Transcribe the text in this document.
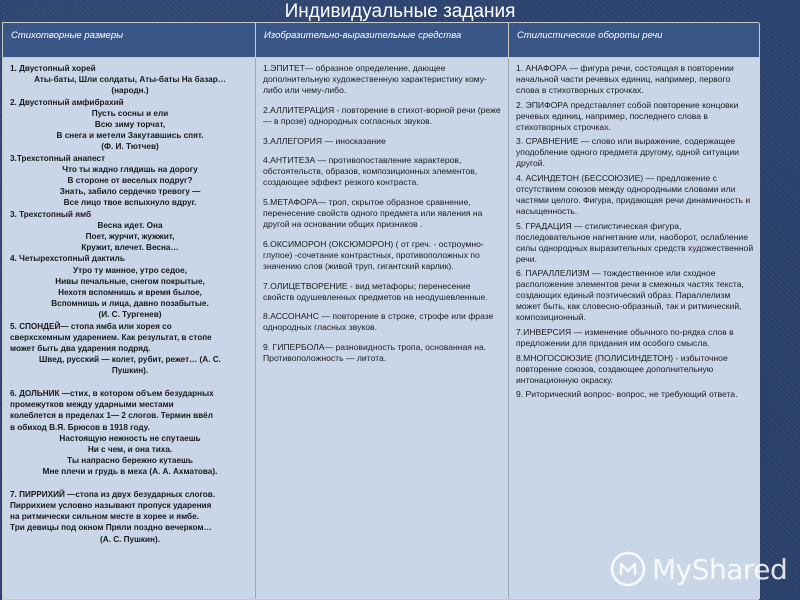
Индивидуальные задания
Стихотворные размеры	Изобразительно-выразительные средства	Стилистические обороты речи
1. Двустопный хорей
Аты-баты, Шли солдаты, Аты-баты На базар…
(народн.)
2. Двустопный амфибрахий
Пусть сосны и ели
Всю зиму торчат,
В снега и метели Закутавшись спят.
(Ф. И. Тютчев)
3.Трехстопный анапест
Что ты жадно глядишь на дорогу
В стороне от веселых подруг?
Знать, забило сердечко тревогу —
Все лицо твое вспыхнуло вдруг.
3. Трехстопный ямб
Весна идет. Она
Поет, журчит, жужжит,
Кружит, влечет. Весна…
4. Четырехстопный дактиль
Утро ту манное, утро седое,
Нивы печальные, снегом покрытые,
Нехотя вспомнишь и время былое,
Вспомнишь и лица, давно позабытые.
(И. С. Тургенев)
5. СПОНДЕЙ— стопа ямба или хорея со
сверхсхемным ударением. Как результат, в стопе
может быть два ударения подряд.
Швед, русский — колет, рубит, режет… (А. С.
Пушкин).

6. ДОЛЬНИК —стих, в котором объем безударных
промежутков между ударными местами
колеблется в пределах 1— 2 слогов. Термин ввёл
в обиход В.Я. Брюсов в 1918 году.
Настоящую нежность не спутаешь
Ни с чем, и она тиха.
Ты напрасно бережно кутаешь
Мне плечи и грудь в меха (А. А. Ахматова).

7. ПИРРИХИЙ —стопа из двух безударных слогов.
Пиррихием условно называют пропуск ударения
на ритмически сильном месте в хорее и ямбе.
Три девицы под окном Пряли поздно вечерком…
(А. С. Пушкин).
1.ЭПИТЕТ— образное определение, дающее дополнительную художественную характеристику кому-либо или чему-либо.
2.АЛЛИТЕРАЦИЯ - повторение в стихот-ворной речи (реже — в прозе) однородных согласных звуков.
3.АЛЛЕГОРИЯ — иносказание
4.АНТИТЕЗА — противопоставление характеров, обстоятельств, образов, композиционных элементов, создающее эффект резкого контраста.
5.МЕТАФОРА— троп, скрытое образное сравнение, перенесение свойств одного предмета или явления на другой на основании общих признаков .
6.ОКСИМОРОН (ОКСЮМОРОН) ( от греч. - остроумно-глупое) -сочетание контрастных, противоположных по значению слов (живой труп, гигантский карлик).
7.ОЛИЦЕТВОРЕНИЕ - вид метафоры; перенесение свойств одушевленных предметов на неодушевленные.
8.АССОНАНС — повторение в строке, строфе или фразе однородных гласных звуков.
9. ГИПЕРБОЛА— разновидность тропа, основанная на. Противоположность — литота.
1. АНАФОРА — фигура речи, состоящая в повторении начальной части речевых единиц, например, первого слова в стихотворных строчках.
2. ЭПИФОРА представляет собой повторение концовки речевых единиц, например, последнего слова в стихотворных строчках.
3. СРАВНЕНИЕ — слово или выражение, содержащее уподобление одного предмета другому, одной ситуации другой.
4. АСИНДЕТОН (БЕССОЮЗИЕ) — предложение с отсутствием союзов между однородными словами или частями целого. Фигура, придающая речи динамичность и насыщенность.
5. ГРАДАЦИЯ — стилистическая фигура, последовательное нагнетание или, наоборот, ослабление силы однородных выразительных средств художественной речи.
6. ПАРАЛЛЕЛИЗМ — тождественное или сходное расположение элементов речи в смежных частях текста, создающих единый поэтический образ. Параллелизм может быть, как словесно-образный, так и ритмический, композиционный.
7.ИНВЕРСИЯ — изменение обычного по-рядка слов в предложении для придания им особого смысла.
8.МНОГОСОЮЗИЕ (ПОЛИСИНДЕТОН) - избыточное повторение союзов, создающее дополнительную интонационную окраску.
9. Риторический вопрос- вопрос, не требующий ответа.
MyShared
